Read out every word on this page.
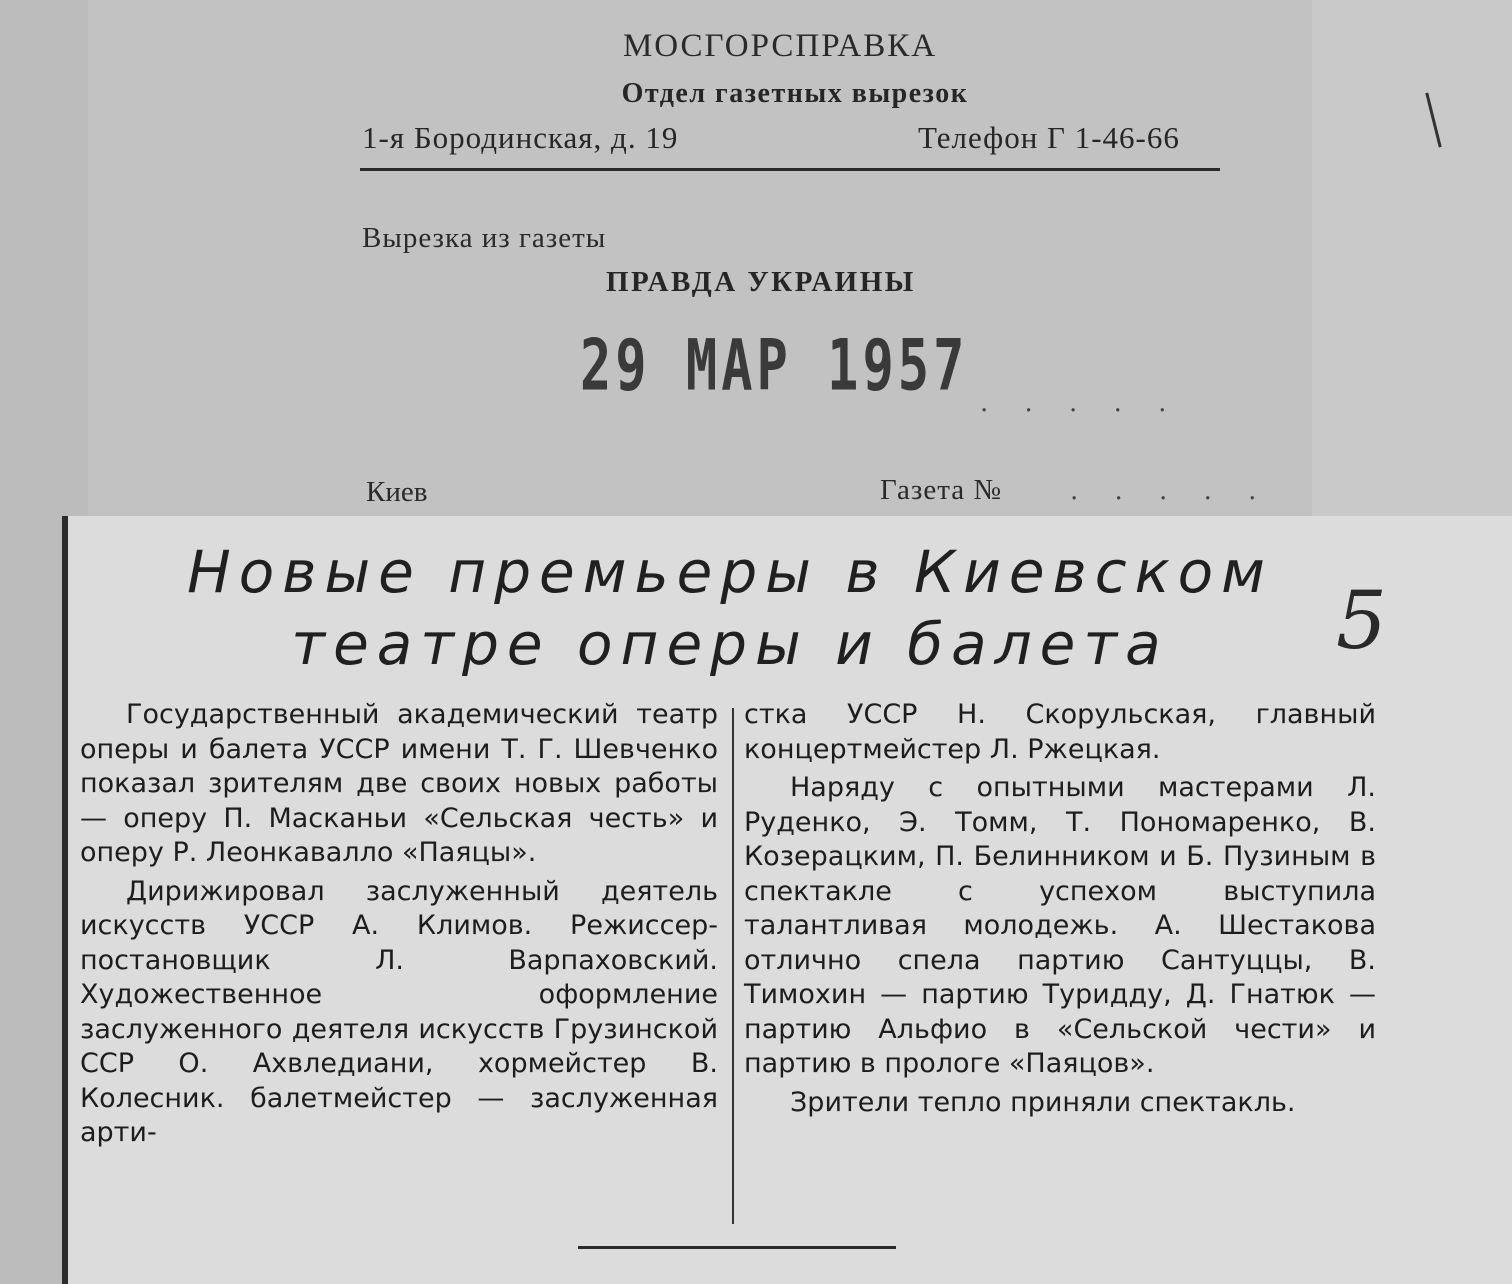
МОСГОРСПРАВКА
Отдел газетных вырезок
1-я Бородинская, д. 19	Телефон Г 1-46-66
Вырезка из газеты
ПРАВДА УКРАИНЫ
29 МАР 1957 . . . . .
Киев	Газета №	. . . . .
Новые премьеры в Киевском
театре оперы и балета	5

Государственный академический театр оперы и балета УССР имени Т. Г. Шевченко показал зрителям две своих новых работы — оперу П. Масканьи «Сельская честь» и оперу Р. Леонкавалло «Паяцы».

Дирижировал заслуженный деятель искусств УССР А. Климов. Режиссер-постановщик Л. Варпаховский. Художественное оформление заслуженного деятеля искусств Грузинской ССР О. Ахвледиани, хормейстер В. Колесник. балетмейстер — заслуженная арти-

стка УССР Н. Скорульская, главный концертмейстер Л. Ржецкая.

Наряду с опытными мастерами Л. Руденко, Э. Томм, Т. Пономаренко, В. Козерацким, П. Белинником и Б. Пузиным в спектакле с успехом выступила талантливая молодежь. А. Шестакова отлично спела партию Сантуццы, В. Тимохин — партию Туридду, Д. Гнатюк — партию Альфио в «Сельской чести» и партию в прологе «Паяцов».

Зрители тепло приняли спектакль.
